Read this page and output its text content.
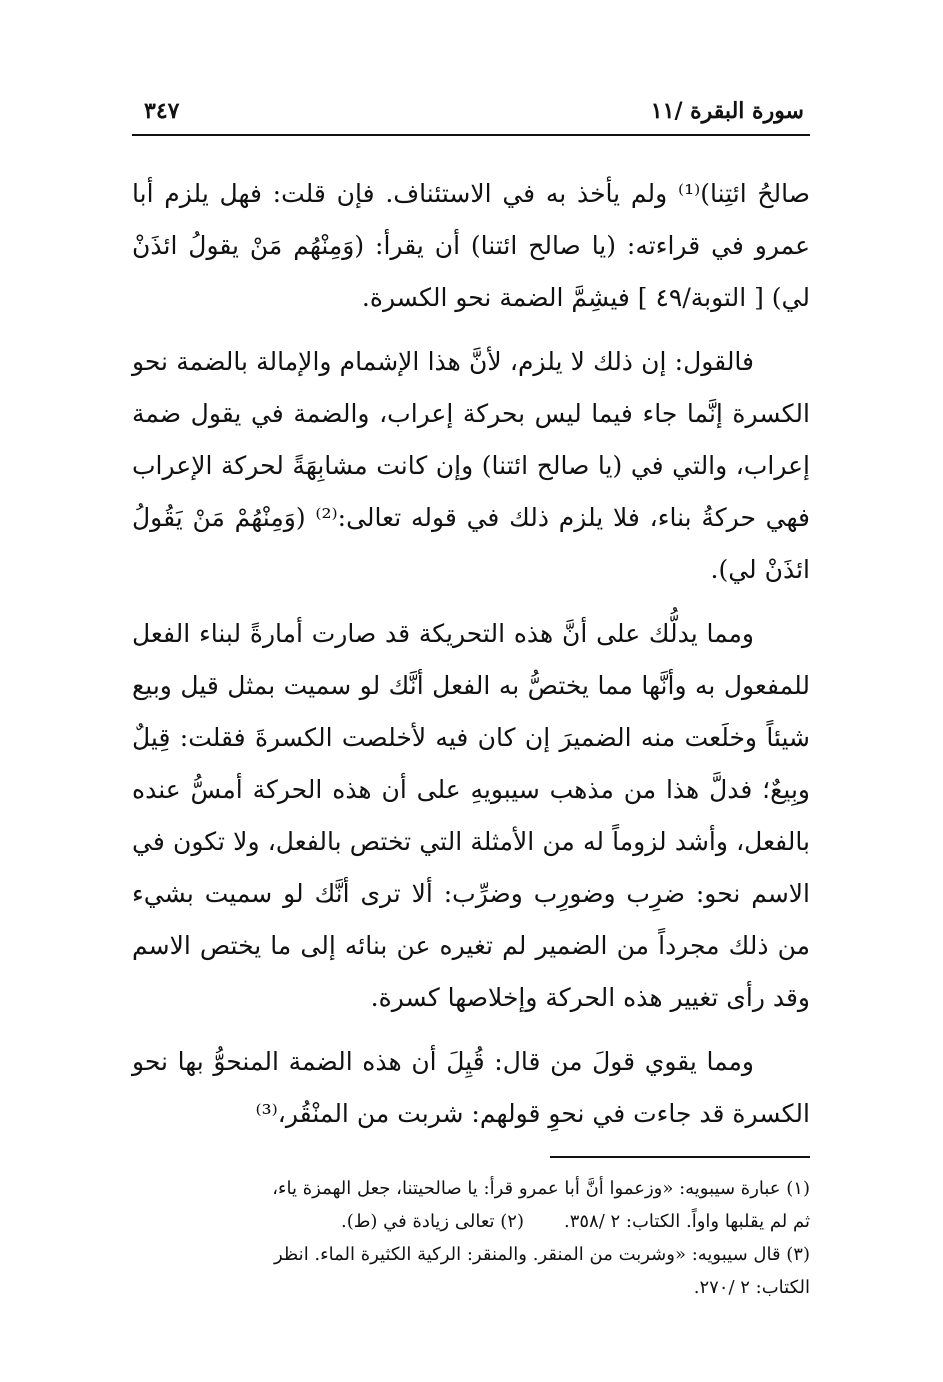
سورة البقرة /١١
٣٤٧

صالحُ ائتِنا)⁽¹⁾ ولم يأخذ به في الاستئناف. فإن قلت: فهل يلزم أبا عمرو في قراءته: (يا صالح ائتنا) أن يقرأ: (وَمِنْهُم مَنْ يقولُ ائذَنْ لي) [ التوبة/٤٩ ] فيشِمَّ الضمة نحو الكسرة.

فالقول: إن ذلك لا يلزم، لأنَّ هذا الإشمام والإمالة بالضمة نحو الكسرة إنَّما جاء فيما ليس بحركة إعراب، والضمة في يقول ضمة إعراب، والتي في (يا صالح ائتنا) وإن كانت مشابِهَةً لحركة الإعراب فهي حركةُ بناء، فلا يلزم ذلك في قوله تعالى:⁽²⁾ (وَمِنْهُمْ مَنْ يَقُولُ ائذَنْ لي).

ومما يدلُّك على أنَّ هذه التحريكة قد صارت أمارةً لبناء الفعل للمفعول به وأنَّها مما يختصُّ به الفعل أنَّك لو سميت بمثل قيل وبيع شيئاً وخلَعت منه الضميرَ إن كان فيه لأخلصت الكسرةَ فقلت: قِيلٌ وبِيعٌ؛ فدلَّ هذا من مذهب سيبويهِ على أن هذه الحركة أمسُّ عنده بالفعل، وأشد لزوماً له من الأمثلة التي تختص بالفعل، ولا تكون في الاسم نحو: ضرِب وضورِب وضرِّب: ألا ترى أنَّك لو سميت بشيء من ذلك مجرداً من الضمير لم تغيره عن بنائه إلى ما يختص الاسم وقد رأى تغيير هذه الحركة وإخلاصها كسرة.

ومما يقوي قولَ من قال: قُيِلَ أن هذه الضمة المنحوُّ بها نحو الكسرة قد جاءت في نحوِ قولهم: شربت من المنْقُر،⁽³⁾

(١) عبارة سيبويه: «وزعموا أنَّ أبا عمرو قرأ: يا صالحيتنا، جعل الهمزة ياء،

ثم لم يقلبها واواً. الكتاب: ٢ /٣٥٨.(٢) تعالى زيادة في (ط).

(٣) قال سيبويه: «وشربت من المنقر. والمنقر: الركية الكثيرة الماء. انظر

الكتاب: ٢ /٢٧٠.
